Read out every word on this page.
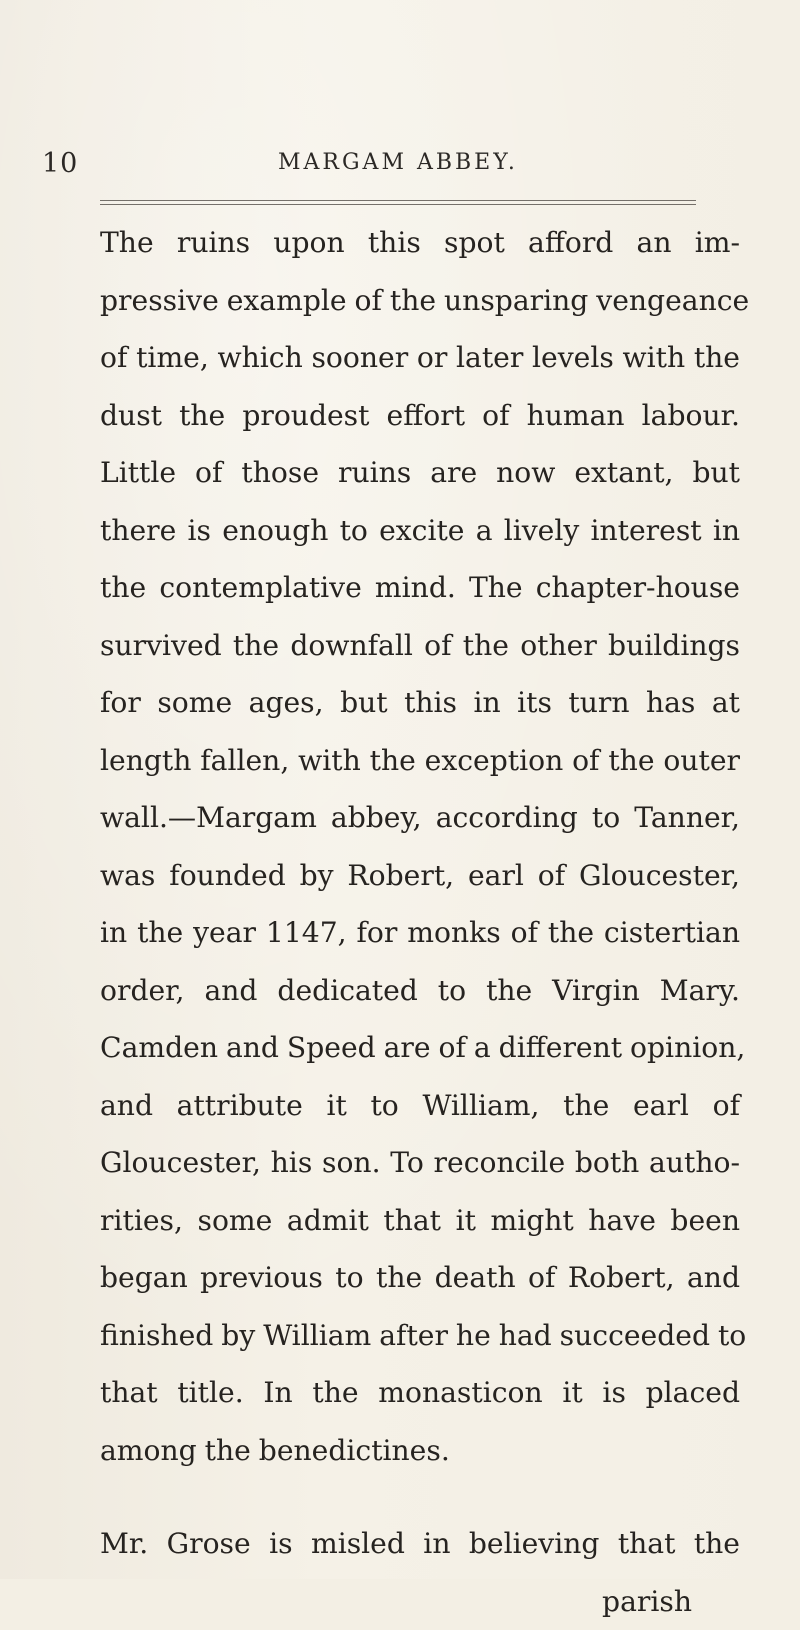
10	MARGAM ABBEY.
The ruins upon this spot afford an im-
pressive example of the unsparing vengeance
of time, which sooner or later levels with the
dust the proudest effort of human labour.
Little of those ruins are now extant, but
there is enough to excite a lively interest in
the contemplative mind. The chapter-house
survived the downfall of the other buildings
for some ages, but this in its turn has at
length fallen, with the exception of the outer
wall.—Margam abbey, according to Tanner,
was founded by Robert, earl of Gloucester,
in the year 1147, for monks of the cistertian
order, and dedicated to the Virgin Mary.
Camden and Speed are of a different opinion,
and attribute it to William, the earl of
Gloucester, his son. To reconcile both autho-
rities, some admit that it might have been
began previous to the death of Robert, and
finished by William after he had succeeded to
that title. In the monasticon it is placed
among the benedictines.
Mr. Grose is misled in believing that the
parish
